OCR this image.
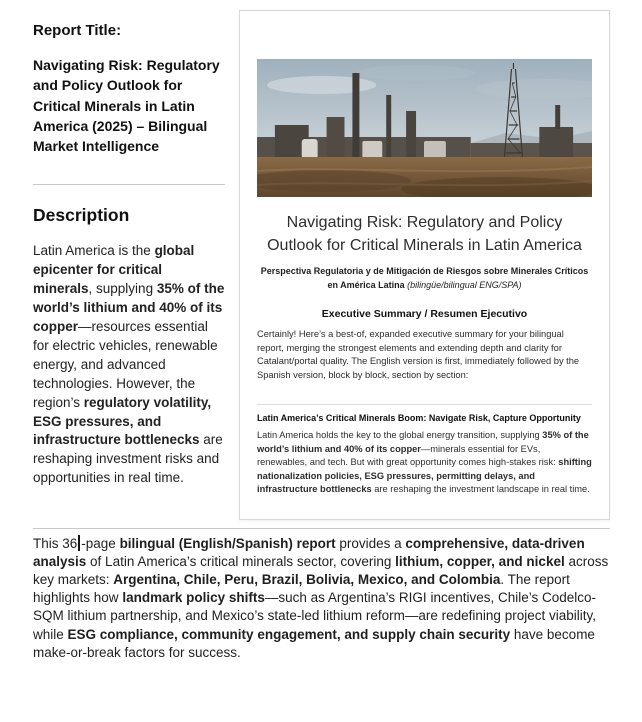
Report Title:

Navigating Risk: Regulatory and Policy Outlook for Critical Minerals in Latin America (2025) – Bilingual Market Intelligence

Description

Latin America is the global epicenter for critical minerals, supplying 35% of the world’s lithium and 40% of its copper—resources essential for electric vehicles, renewable energy, and advanced technologies. However, the region’s regulatory volatility, ESG pressures, and infrastructure bottlenecks are reshaping investment risks and opportunities in real time.

Navigating Risk: Regulatory and Policy Outlook for Critical Minerals in Latin America

Perspectiva Regulatoria y de Mitigación de Riesgos sobre Minerales Críticos en América Latina (bilingüe/bilingual ENG/SPA)

Executive Summary / Resumen Ejecutivo

Certainly! Here’s a best-of, expanded executive summary for your bilingual report, merging the strongest elements and extending depth and clarity for Catalant/portal quality. The English version is first, immediately followed by the Spanish version, block by block, section by section:

Latin America’s Critical Minerals Boom: Navigate Risk, Capture Opportunity

Latin America holds the key to the global energy transition, supplying 35% of the world’s lithium and 40% of its copper—minerals essential for EVs, renewables, and tech. But with great opportunity comes high-stakes risk: shifting nationalization policies, ESG pressures, permitting delays, and infrastructure bottlenecks are reshaping the investment landscape in real time.

This 36 -page bilingual (English/Spanish) report provides a comprehensive, data-driven analysis of Latin America’s critical minerals sector, covering lithium, copper, and nickel across key markets: Argentina, Chile, Peru, Brazil, Bolivia, Mexico, and Colombia. The report highlights how landmark policy shifts—such as Argentina’s RIGI incentives, Chile’s Codelco-SQM lithium partnership, and Mexico’s state-led lithium reform—are redefining project viability, while ESG compliance, community engagement, and supply chain security have become make-or-break factors for success.
